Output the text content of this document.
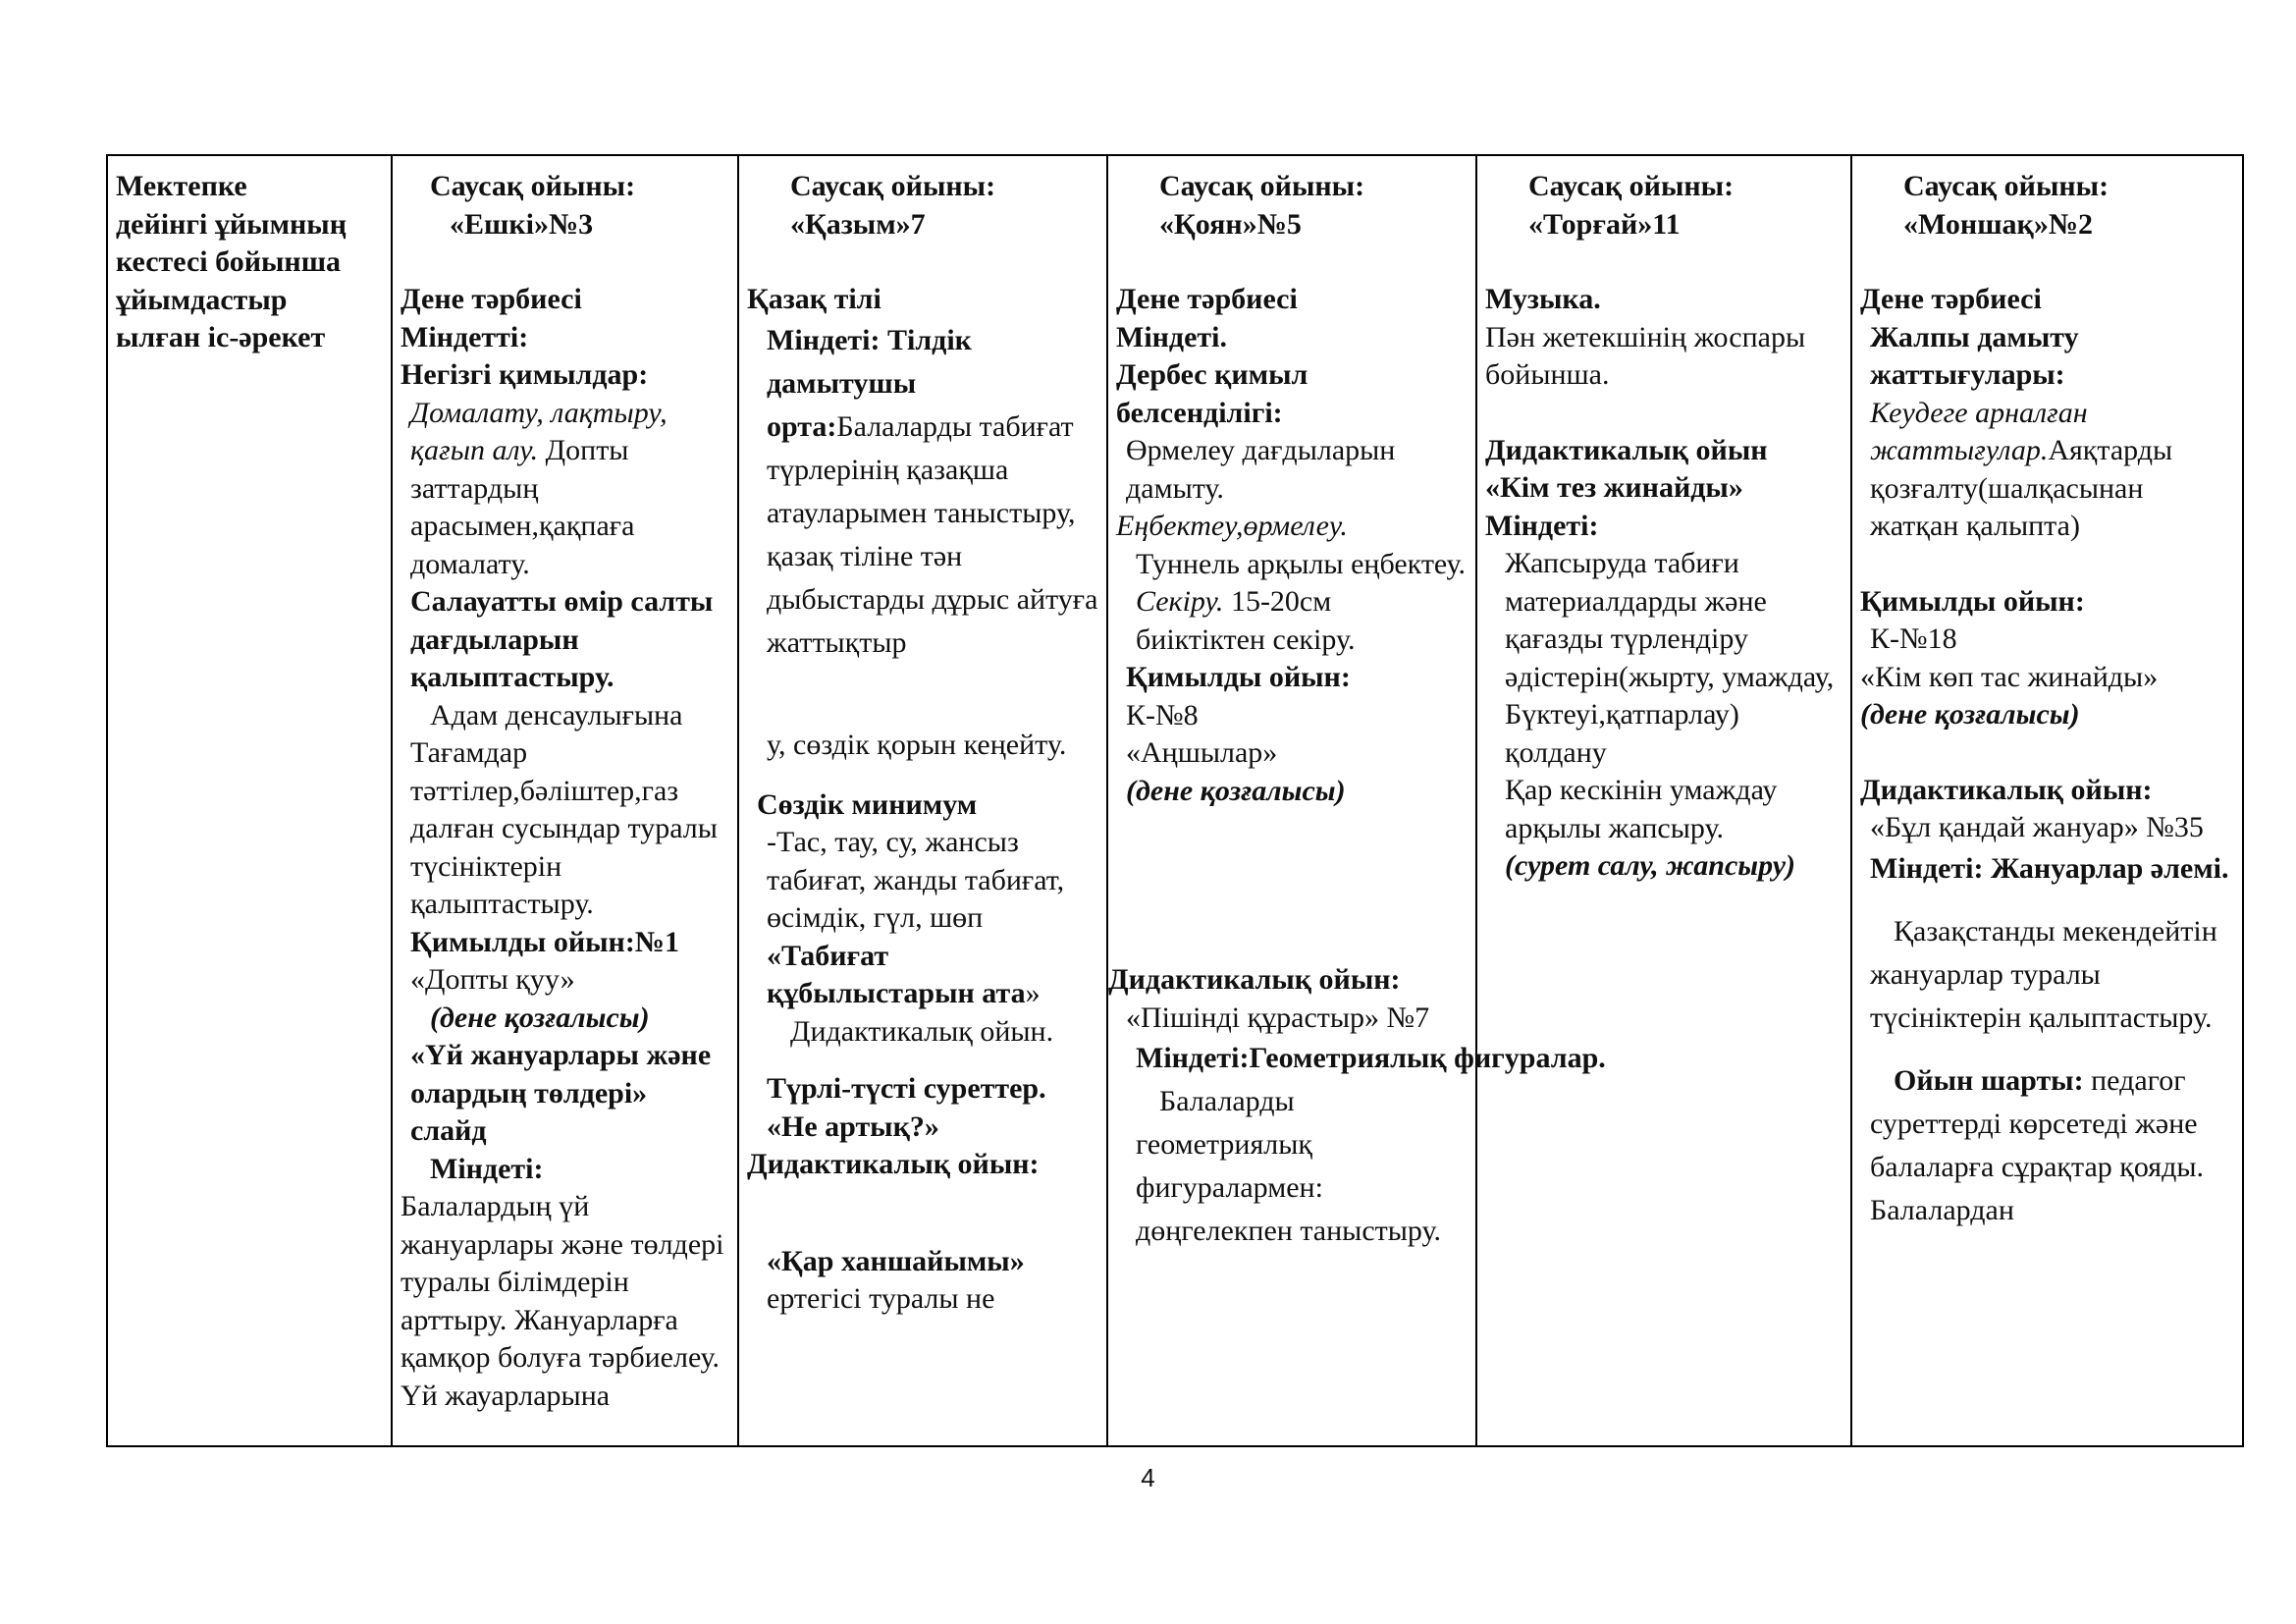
Мектепке
дейінгі ұйымның
кестесі бойынша
ұйымдастыр
ылған іс-әрекет

Саусақ ойыны:
«Ешкі»№3
Дене тәрбиесі
Міндетті:
Негізгі қимылдар:
Домалату, лақтыру, қағып алу. Допты заттардың арасымен,қақпаға домалату.
Салауатты өмір салты дағдыларын қалыптастыру.
Адам денсаулығына Тағамдар тәттілер,бәліштер,газ далған сусындар туралы түсініктерін қалыптастыру.
Қимылды ойын:№1
«Допты қуу»
(дене қозғалысы)
«Үй жануарлары және олардың төлдері» слайд
Міндеті:
Балалардың үй жануарлары және төлдері туралы білімдерін арттыру. Жануарларға қамқор болуға тәрбиелеу. Үй жауарларына

Саусақ ойыны:
«Қазым»7
Қазақ тілі
Міндеті: Тілдік дамытушы орта:Балаларды табиғат түрлерінің қазақша атауларымен таныстыру, қазақ тіліне тән дыбыстарды дұрыс айтуға жаттықтыр
у, сөздік қорын кеңейту.
Сөздік минимум
-Тас, тау, су, жансыз табиғат, жанды табиғат, өсімдік, гүл, шөп
«Табиғат құбылыстарын ата»
Дидактикалық ойын.
Түрлі-түсті суреттер.
«Не артық?»
Дидактикалық ойын:
«Қар ханшайымы»
ертегісі туралы не

Саусақ ойыны:
«Қоян»№5
Дене тәрбиесі
Міндеті.
Дербес қимыл белсенділігі:
Өрмелеу дағдыларын дамыту.
Еңбектеу,өрмелеу.
Туннель арқылы еңбектеу.
Секіру. 15-20см биіктіктен секіру.
Қимылды ойын:
К-№8
«Аңшылар»
(дене қозғалысы)
Дидактикалық ойын:
«Пішінді құрастыр» №7
Міндеті:Геометриялық фигуралар.
Балаларды геометриялық фигуралармен: дөңгелекпен таныстыру.

Саусақ ойыны:
«Торғай»11
Музыка.
Пән жетекшінің жоспары бойынша.
Дидактикалық ойын
«Кім тез жинайды»
Міндеті:
Жапсыруда табиғи материалдарды және қағазды түрлендіру әдістерін(жырту, умаждау, Бүктеуі,қатпарлау) қолдану
Қар кескінін умаждау арқылы жапсыру.
(сурет салу, жапсыру)

Саусақ ойыны:
«Моншақ»№2
Дене тәрбиесі
Жалпы дамыту жаттығулары:
Кеудеге арналған жаттығулар.Аяқтарды қозғалту(шалқасынан жатқан қалыпта)
Қимылды ойын:
К-№18
«Кім көп тас жинайды»
(дене қозғалысы)
Дидактикалық ойын:
«Бұл қандай жануар» №35
Міндеті: Жануарлар әлемі.
Қазақстанды мекендейтін жануарлар туралы түсініктерін қалыптастыру.
Ойын шарты: педагог суреттерді көрсетеді және балаларға сұрақтар қояды. Балалардан
4
